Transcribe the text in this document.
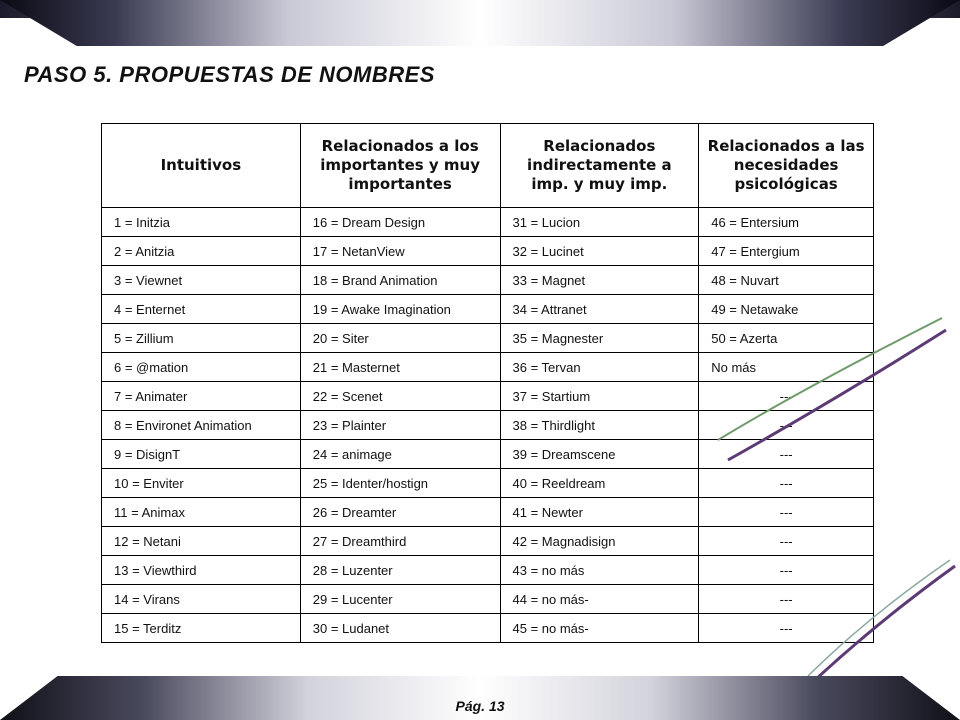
PASO 5. PROPUESTAS DE NOMBRES
Intuitivos	Relacionados a los importantes y muy importantes	Relacionados indirectamente a imp. y muy imp.	Relacionados a las necesidades psicológicas
1 = Initzia	16 = Dream Design	31 = Lucion	46 = Entersium
2 = Anitzia	17 = NetanView	32 = Lucinet	47 = Entergium
3 = Viewnet	18 = Brand Animation	33 = Magnet	48 = Nuvart
4 = Enternet	19 = Awake Imagination	34 = Attranet	49 = Netawake
5 = Zillium	20 = Siter	35 = Magnester	50 = Azerta
6 = @mation	21 = Masternet	36 = Tervan	No más
7 = Animater	22 = Scenet	37 = Startium	---
8 = Environet Animation	23 = Plainter	38 = Thirdlight	---
9 = DisignT	24 = animage	39 = Dreamscene	---
10 = Enviter	25 = Identer/hostign	40 = Reeldream	---
11 = Animax	26 = Dreamter	41 = Newter	---
12 = Netani	27 = Dreamthird	42 = Magnadisign	---
13 = Viewthird	28 = Luzenter	43 = no más	---
14 = Virans	29 = Lucenter	44 = no más-	---
15 = Terditz	30 = Ludanet	45 = no más-	---
Pág. 13
